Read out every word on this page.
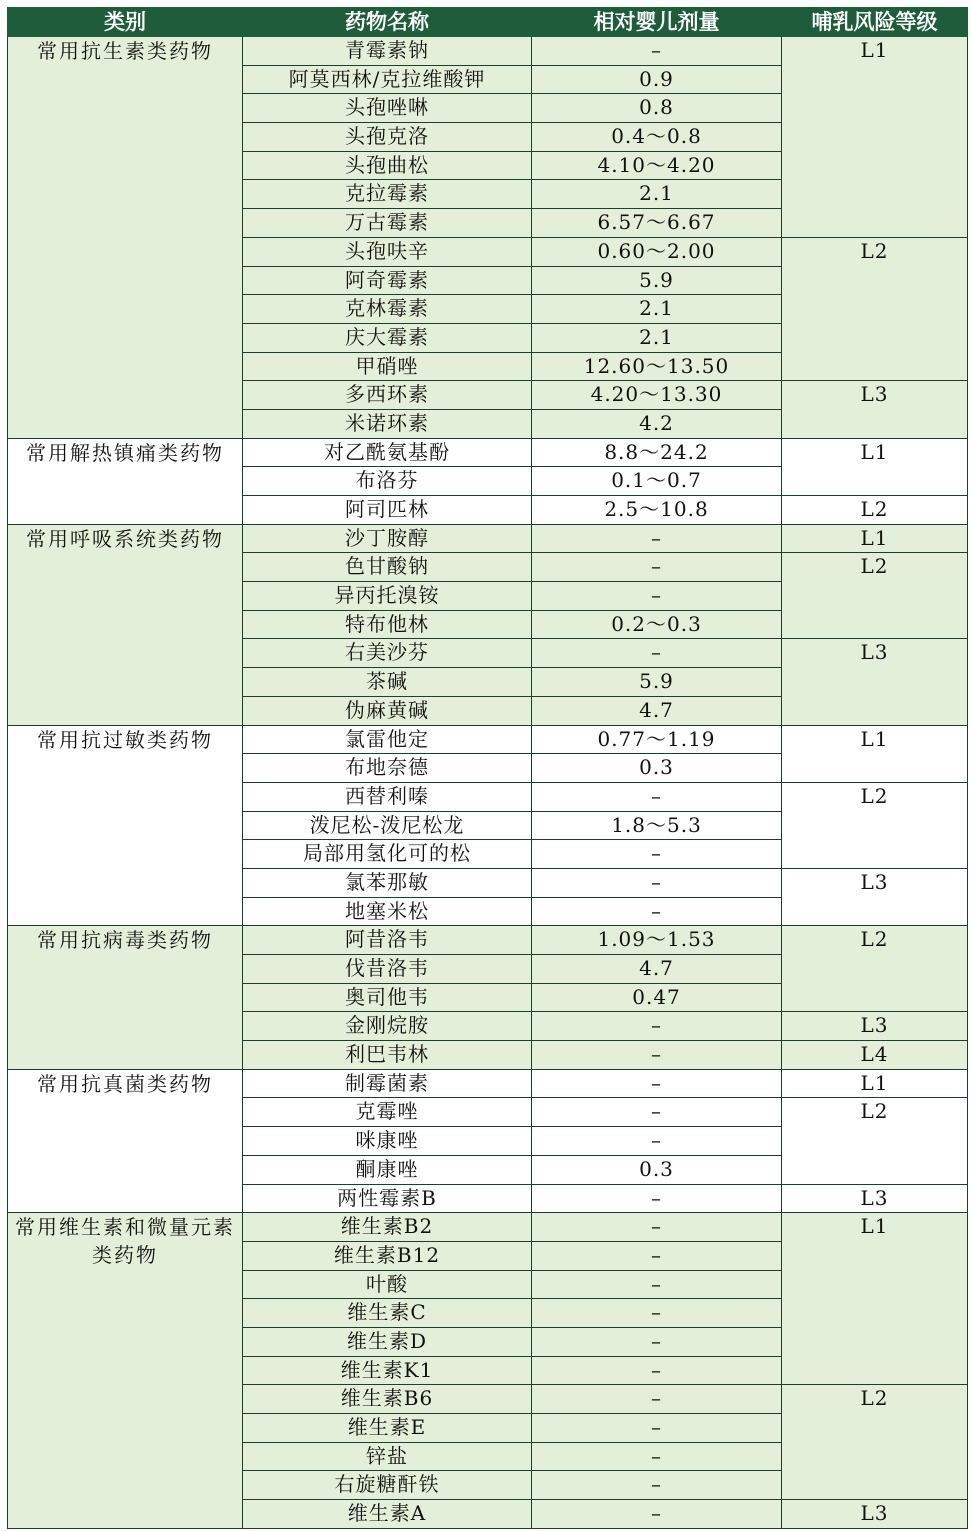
类别	药物名称	相对婴儿剂量	哺乳风险等级
常用抗生素类药物	青霉素钠	–	L1
	阿莫西林/克拉维酸钾	0.9	
	头孢唑啉	0.8	
	头孢克洛	0.4～0.8	
	头孢曲松	4.10～4.20	
	克拉霉素	2.1	
	万古霉素	6.57～6.67	
	头孢呋辛	0.60～2.00	L2
	阿奇霉素	5.9	
	克林霉素	2.1	
	庆大霉素	2.1	
	甲硝唑	12.60～13.50	
	多西环素	4.20～13.30	L3
	米诺环素	4.2	
常用解热镇痛类药物	对乙酰氨基酚	8.8～24.2	L1
	布洛芬	0.1～0.7	
	阿司匹林	2.5～10.8	L2
常用呼吸系统类药物	沙丁胺醇	–	L1
	色甘酸钠	–	L2
	异丙托溴铵	–	
	特布他林	0.2～0.3	
	右美沙芬	–	L3
	茶碱	5.9	
	伪麻黄碱	4.7	
常用抗过敏类药物	氯雷他定	0.77～1.19	L1
	布地奈德	0.3	
	西替利嗪	–	L2
	泼尼松-泼尼松龙	1.8～5.3	
	局部用氢化可的松	–	
	氯苯那敏	–	L3
	地塞米松	–	
常用抗病毒类药物	阿昔洛韦	1.09～1.53	L2
	伐昔洛韦	4.7	
	奥司他韦	0.47	
	金刚烷胺	–	L3
	利巴韦林	–	L4
常用抗真菌类药物	制霉菌素	–	L1
	克霉唑	–	L2
	咪康唑	–	
	酮康唑	0.3	
	两性霉素B	–	L3
常用维生素和微量元素类药物	维生素B2	–	L1
	维生素B12	–	
	叶酸	–	
	维生素C	–	
	维生素D	–	
	维生素K1	–	
	维生素B6	–	L2
	维生素E	–	
	锌盐	–	
	右旋糖酐铁	–	
	维生素A	–	L3
